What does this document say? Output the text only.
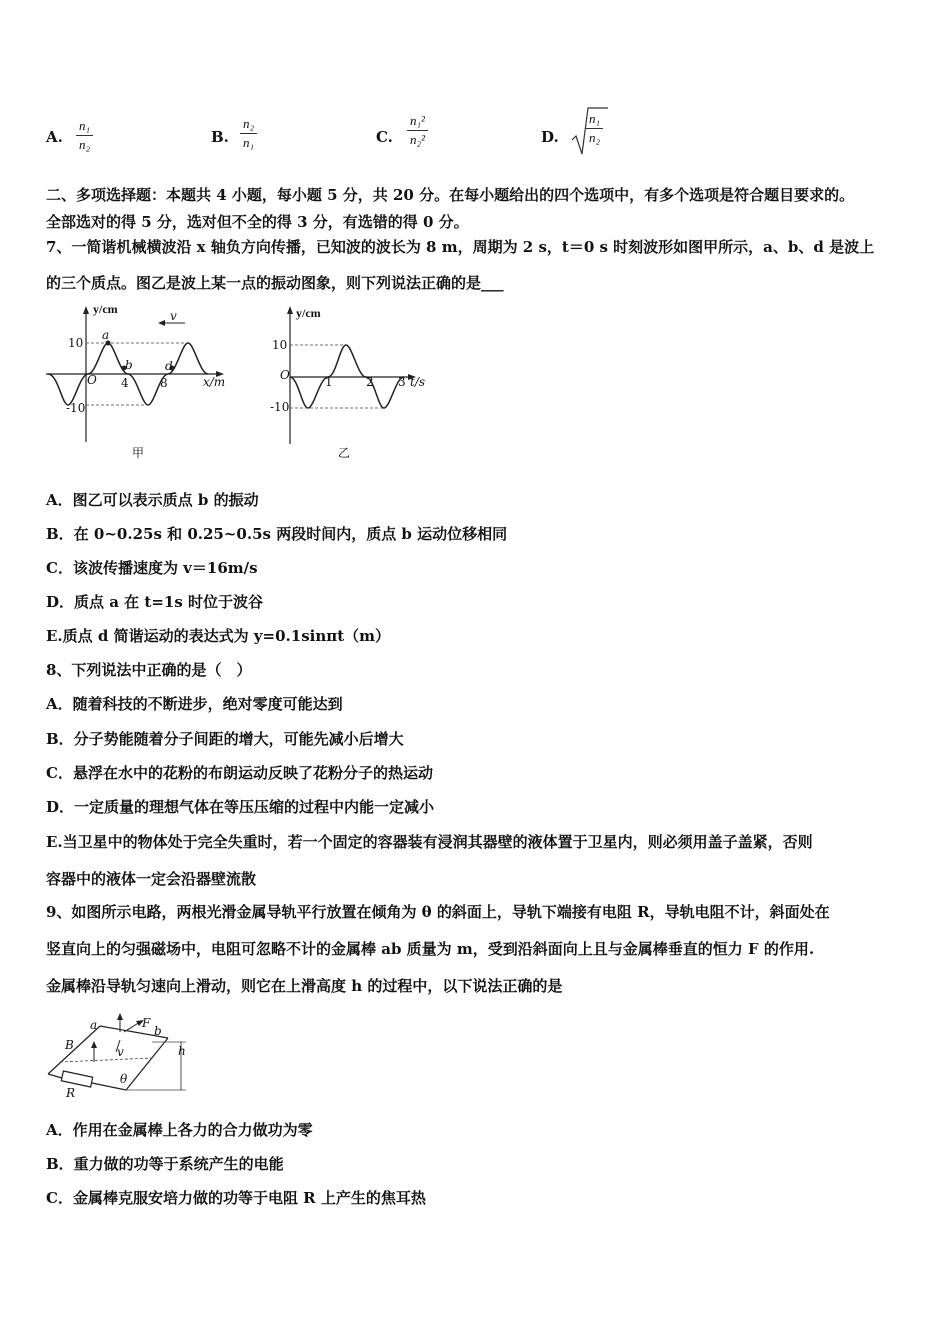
A. $\frac{\text{n₁}}{\text{n₂}}$	B. $\frac{\text{n₂}}{\text{n₁}}$	C. $\frac{\text{n₁²}}{\text{n₂²}}$	D. $\frac{\text{n₁}}{\text{n₂}}$
二、多项选择题：本题共 4 小题，每小题 5 分，共 20 分。在每小题给出的四个选项中，有多个选项是符合题目要求的。
全部选对的得 5 分，选对但不全的得 3 分，有选错的得 0 分。
7、一简谐机械横波沿 x 轴负方向传播，已知波的波长为 8 m，周期为 2 s，t＝0 s 时刻波形如图甲所示，a、b、d 是波上
的三个质点。图乙是波上某一点的振动图象，则下列说法正确的是___
y/cm
10
-10
O 4	8	x/m
a
b	d
v
甲
y/cm
10
-10
O	1	2 3 t/s
乙
A．图乙可以表示质点 b 的振动
B．在 0~0.25s 和 0.25~0.5s 两段时间内，质点 b 运动位移相同
C．该波传播速度为 v＝16m/s
D．质点 a 在 t=1s 时位于波谷
E.质点 d 简谐运动的表达式为 y=0.1sinπt（m）
8、下列说法中正确的是（　）
A．随着科技的不断进步，绝对零度可能达到
B．分子势能随着分子间距的增大，可能先减小后增大
C．悬浮在水中的花粉的布朗运动反映了花粉分子的热运动
D．一定质量的理想气体在等压压缩的过程中内能一定减小
E.当卫星中的物体处于完全失重时，若一个固定的容器装有浸润其器壁的液体置于卫星内，则必须用盖子盖紧，否则
容器中的液体一定会沿器壁流散
9、如图所示电路，两根光滑金属导轨平行放置在倾角为 θ 的斜面上，导轨下端接有电阻 R，导轨电阻不计，斜面处在
竖直向上的匀强磁场中，电阻可忽略不计的金属棒 ab 质量为 m，受到沿斜面向上且与金属棒垂直的恒力 F 的作用.
金属棒沿导轨匀速向上滑动，则它在上滑高度 h 的过程中，以下说法正确的是
a	b
F
B	v	h
θ
R
A．作用在金属棒上各力的合力做功为零
B．重力做的功等于系统产生的电能
C．金属棒克服安培力做的功等于电阻 R 上产生的焦耳热
